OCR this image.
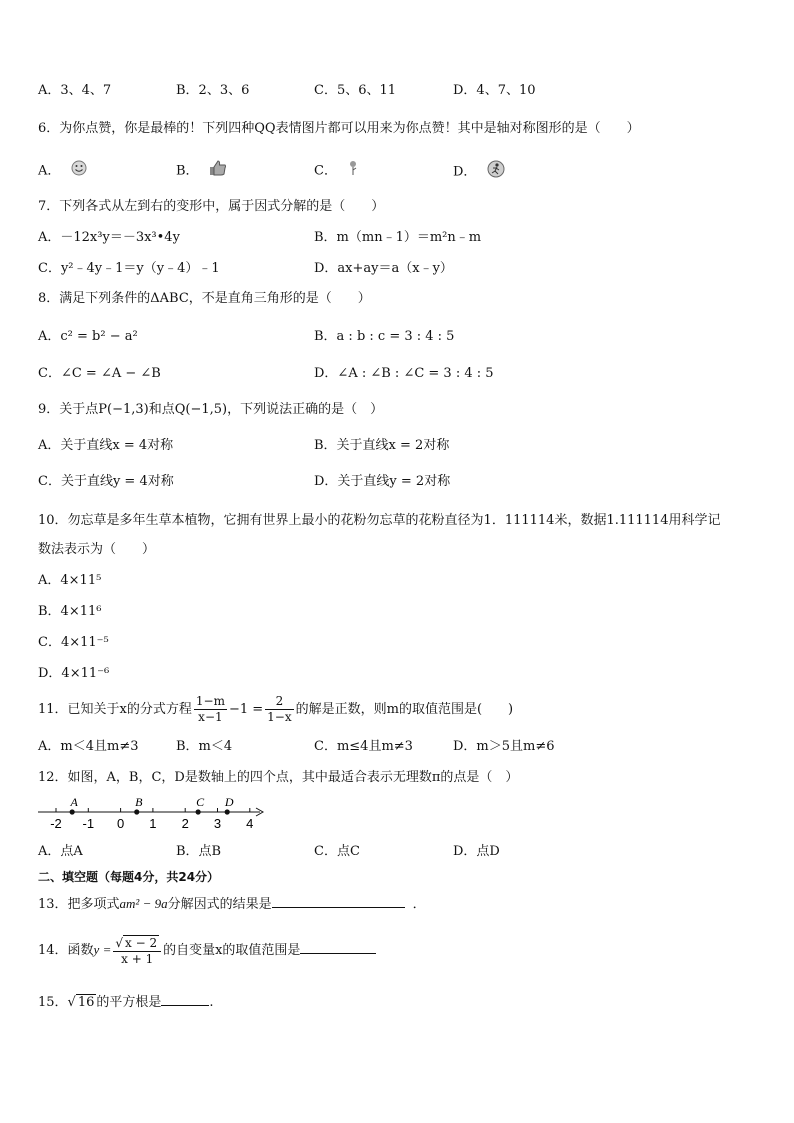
A．3、4、7	B．2、3、6	C．5、6、11	D．4、7、10
6．为你点赞，你是最棒的！下列四种QQ表情图片都可以用来为你点赞！其中是轴对称图形的是（　　）
A．	B．	C．	D．
7．下列各式从左到右的变形中，属于因式分解的是（　　）
A．－12x³y＝－3x³•4y	B．m（mn﹣1）＝m²n﹣m
C．y²﹣4y﹣1＝y（y﹣4）﹣1	D．ax+ay＝a（x﹣y）
8．满足下列条件的ΔABC，不是直角三角形的是（　　）
A．c² = b² − a²	B．a : b : c = 3 : 4 : 5
C．∠C = ∠A − ∠B	D．∠A : ∠B : ∠C = 3 : 4 : 5
9．关于点P(−1,3)和点Q(−1,5)，下列说法正确的是（　）
A．关于直线x = 4对称	B．关于直线x = 2对称
C．关于直线y = 4对称	D．关于直线y = 2对称
10．勿忘草是多年生草本植物，它拥有世界上最小的花粉勿忘草的花粉直径为1．111114米，数据1.111114用科学记
数法表示为（　　）
A．4×11⁵
B．4×11⁶
C．4×11⁻⁵
D．4×11⁻⁶
11．已知关于x的分式方程 $\frac{1-m}{x-1} -1 = \frac{2}{1-x}$ 的解是正数，则m的取值范围是(　　)
A．m＜4且m≠3	B．m＜4	C．m≤4且m≠3	D．m＞5且m≠6
12．如图，A，B，C，D是数轴上的四个点，其中最适合表示无理数π的点是（　）
-2 -1 0 1 2 3 4
A	B	C D
A．点A	B．点B	C．点C	D．点D
二、填空题（每题4分，共24分）
13．把多项式am² − 9a分解因式的结果是	．
14．函数$y = \frac{√ x - 2}{x + 1}$ 的自变量x的取值范围是
15．√ 16 的平方根是	.
